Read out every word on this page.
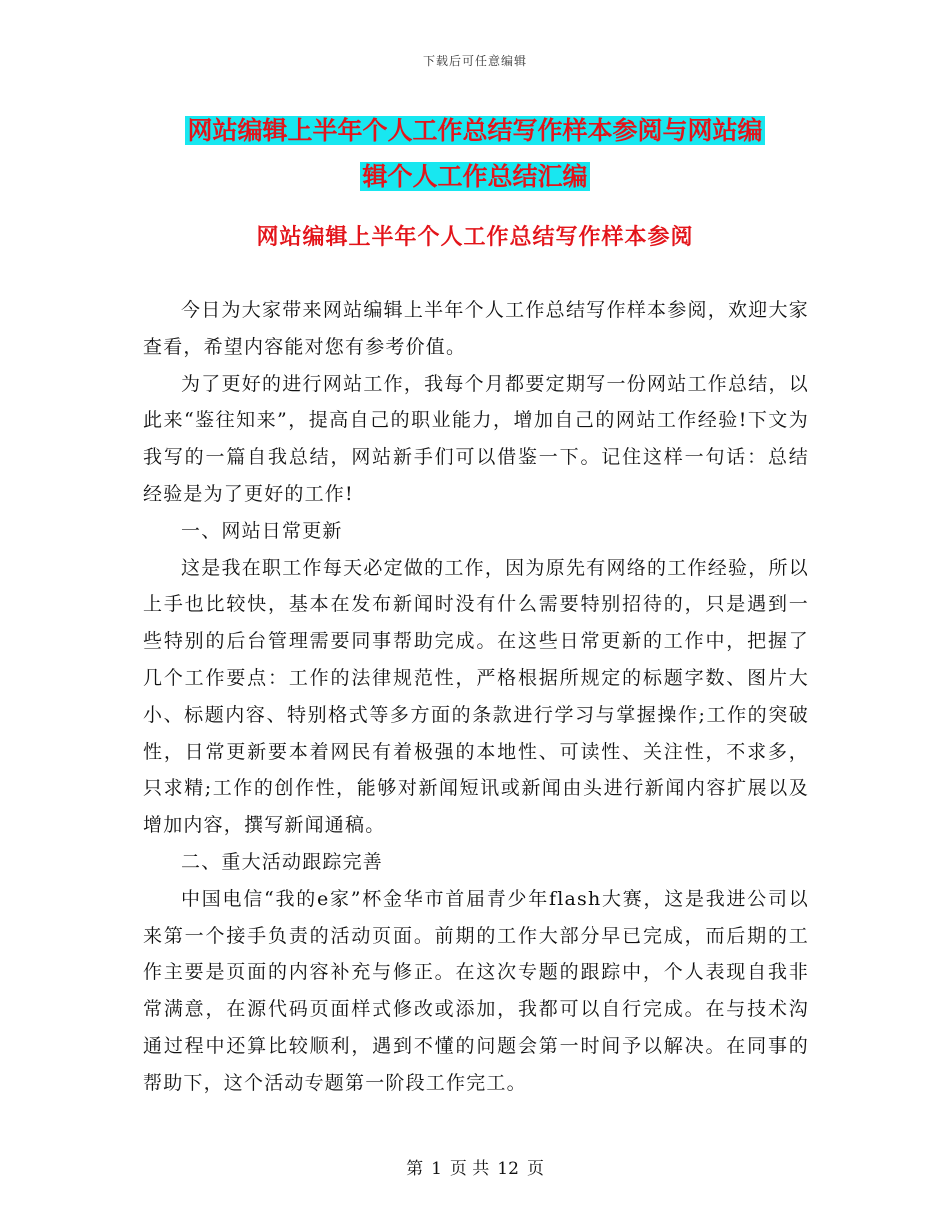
下载后可任意编辑
网站编辑上半年个人工作总结写作样本参阅与网站编
辑个人工作总结汇编
网站编辑上半年个人工作总结写作样本参阅

今日为大家带来网站编辑上半年个人工作总结写作样本参阅，欢迎大家查看，希望内容能对您有参考价值。

为了更好的进行网站工作，我每个月都要定期写一份网站工作总结，以此来“鉴往知来”，提高自己的职业能力，增加自己的网站工作经验!下文为我写的一篇自我总结，网站新手们可以借鉴一下。记住这样一句话：总结经验是为了更好的工作!

一、网站日常更新

这是我在职工作每天必定做的工作，因为原先有网络的工作经验，所以上手也比较快，基本在发布新闻时没有什么需要特别招待的，只是遇到一些特别的后台管理需要同事帮助完成。在这些日常更新的工作中，把握了几个工作要点：工作的法律规范性，严格根据所规定的标题字数、图片大小、标题内容、特别格式等多方面的条款进行学习与掌握操作;工作的突破性，日常更新要本着网民有着极强的本地性、可读性、关注性，不求多，只求精;工作的创作性，能够对新闻短讯或新闻由头进行新闻内容扩展以及增加内容，撰写新闻通稿。

二、重大活动跟踪完善

中国电信“我的e家”杯金华市首届青少年flash大赛，这是我进公司以来第一个接手负责的活动页面。前期的工作大部分早已完成，而后期的工作主要是页面的内容补充与修正。在这次专题的跟踪中，个人表现自我非常满意，在源代码页面样式修改或添加，我都可以自行完成。在与技术沟通过程中还算比较顺利，遇到不懂的问题会第一时间予以解决。在同事的帮助下，这个活动专题第一阶段工作完工。

第 1 页 共 12 页
